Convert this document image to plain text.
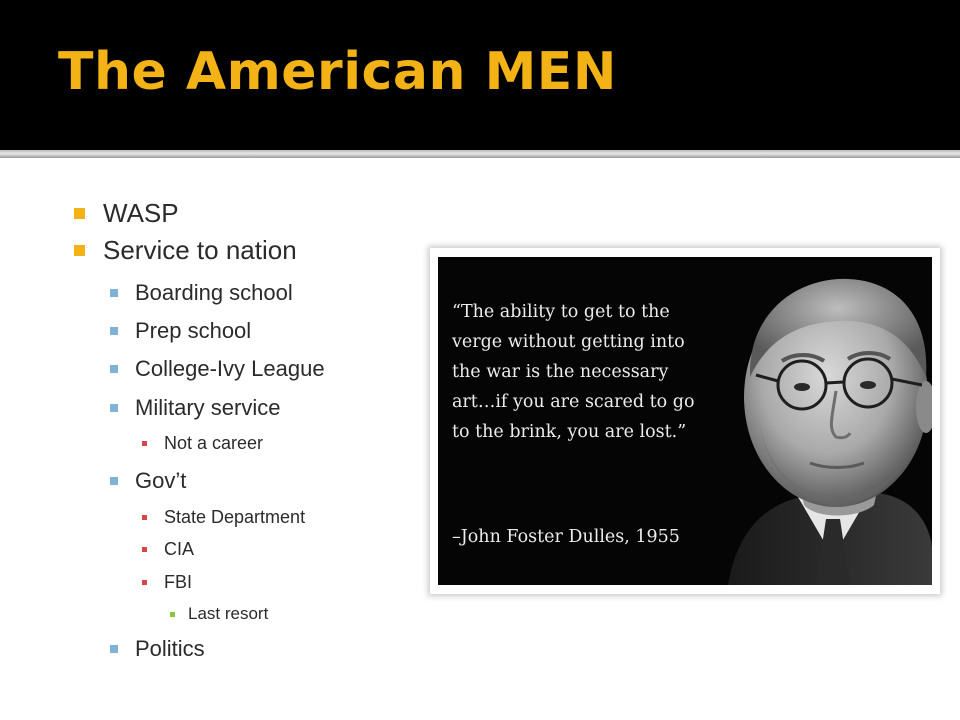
The American MEN
WASP
Service to nation
Boarding school
Prep school
College-Ivy League
Military service
Not a career
Gov’t
State Department
CIA
FBI
Last resort
Politics

“The ability to get to the
verge without getting into
the war is the necessary
art…if you are scared to go
to the brink, you are lost.”

–John Foster Dulles, 1955
